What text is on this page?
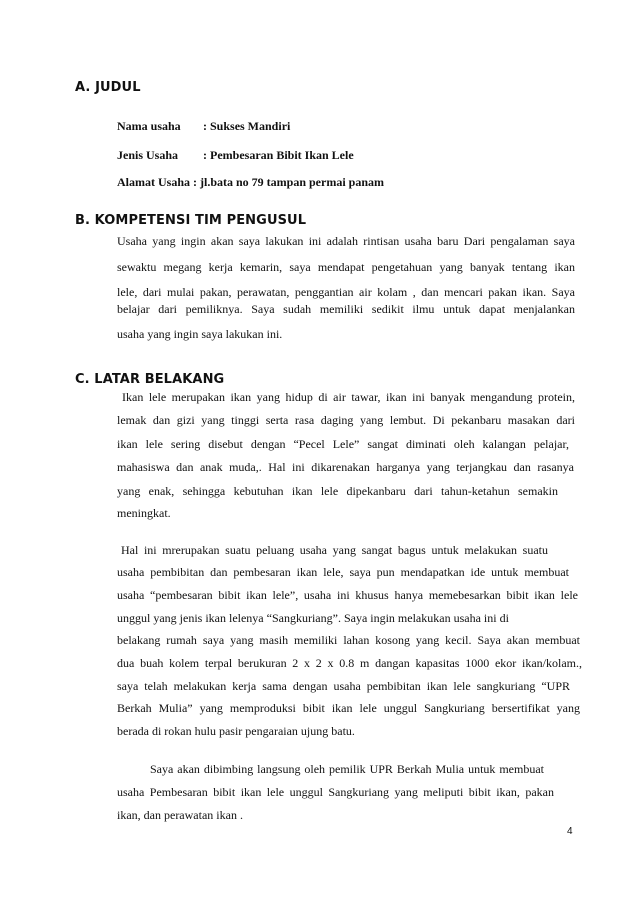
A. JUDUL
Nama usaha : Sukses Mandiri
Jenis Usaha : Pembesaran Bibit Ikan Lele
Alamat Usaha : jl.bata no 79 tampan permai panam
B. KOMPETENSI TIM PENGUSUL
Usaha yang ingin akan saya lakukan ini adalah rintisan usaha baru Dari pengalaman saya
sewaktu megang kerja kemarin, saya mendapat pengetahuan yang banyak tentang ikan
lele, dari mulai pakan, perawatan, penggantian air kolam , dan mencari pakan ikan. Saya
belajar dari pemiliknya. Saya sudah memiliki sedikit ilmu untuk dapat menjalankan
usaha yang ingin saya lakukan ini.
C. LATAR BELAKANG
Ikan lele merupakan ikan yang hidup di air tawar, ikan ini banyak mengandung protein,
lemak dan gizi yang tinggi serta rasa daging yang lembut. Di pekanbaru masakan dari
ikan lele sering disebut dengan “Pecel Lele” sangat diminati oleh kalangan pelajar,
mahasiswa dan anak muda,. Hal ini dikarenakan harganya yang terjangkau dan rasanya
yang enak, sehingga kebutuhan ikan lele dipekanbaru dari tahun-ketahun semakin
meningkat.
Hal ini mrerupakan suatu peluang usaha yang sangat bagus untuk melakukan suatu
usaha pembibitan dan pembesaran ikan lele, saya pun mendapatkan ide untuk membuat
usaha “pembesaran bibit ikan lele”, usaha ini khusus hanya memebesarkan bibit ikan lele
unggul yang jenis ikan lelenya “Sangkuriang”. Saya ingin melakukan usaha ini di
belakang rumah saya yang masih memiliki lahan kosong yang kecil. Saya akan membuat
dua buah kolem terpal berukuran 2 x 2 x 0.8 m dangan kapasitas 1000 ekor ikan/kolam.,
saya telah melakukan kerja sama dengan usaha pembibitan ikan lele sangkuriang “UPR
Berkah Mulia” yang memproduksi bibit ikan lele unggul Sangkuriang bersertifikat yang
berada di rokan hulu pasir pengaraian ujung batu.
Saya akan dibimbing langsung oleh pemilik UPR Berkah Mulia untuk membuat
usaha Pembesaran bibit ikan lele unggul Sangkuriang yang meliputi bibit ikan, pakan
ikan, dan perawatan ikan .
4
